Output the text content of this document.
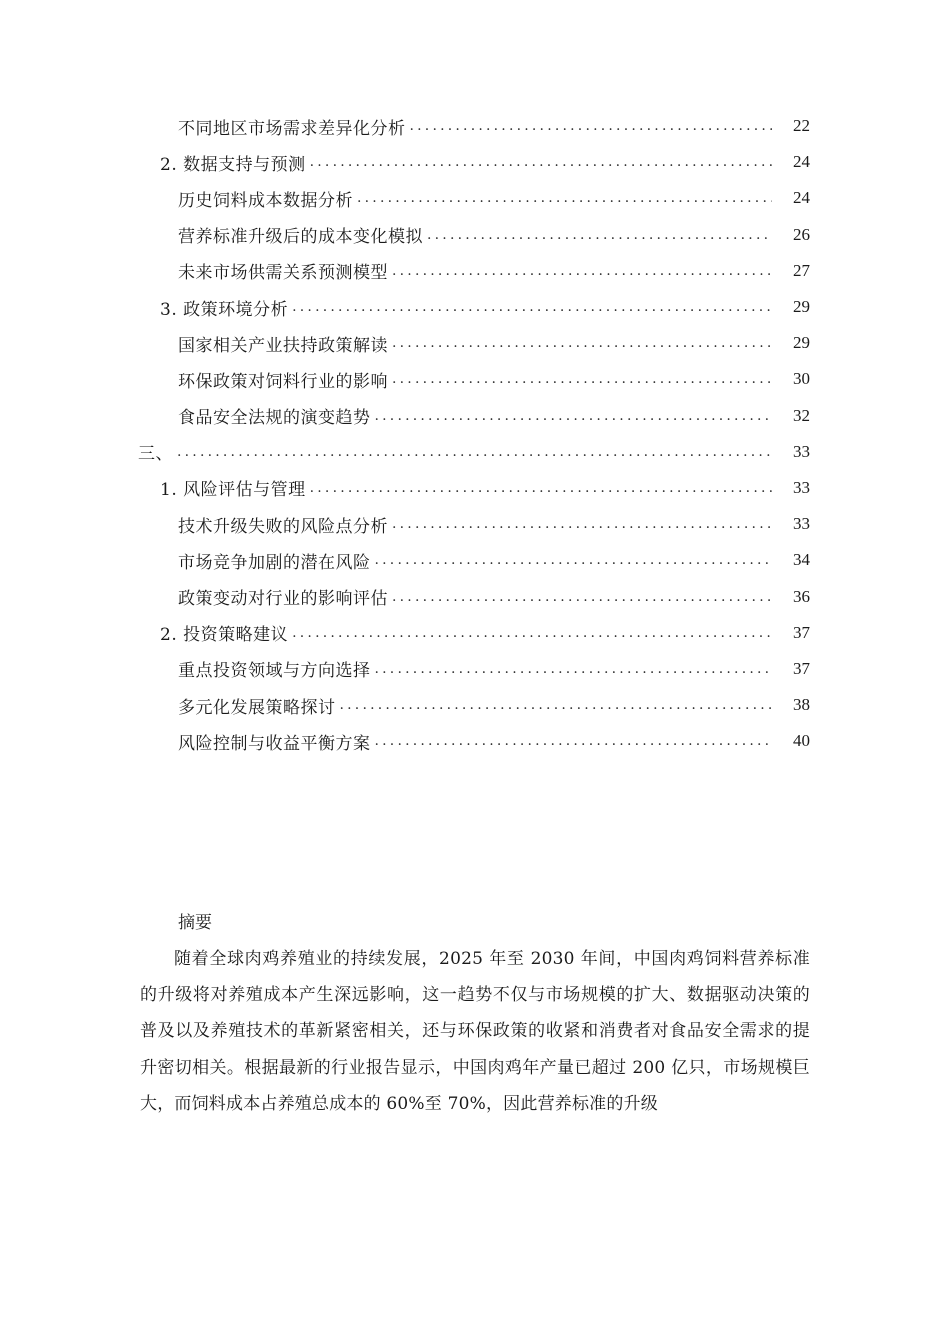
不同地区市场需求差异化分析 .....	22
2. 数据支持与预测 .....	24
历史饲料成本数据分析 .....	24
营养标准升级后的成本变化模拟 .....	26
未来市场供需关系预测模型 .....	27
3. 政策环境分析 .....	29
国家相关产业扶持政策解读 .....	29
环保政策对饲料行业的影响 .....	30
食品安全法规的演变趋势 .....	32
三、 .....	33
1. 风险评估与管理 .....	33
技术升级失败的风险点分析 .....	33
市场竞争加剧的潜在风险 .....	34
政策变动对行业的影响评估 .....	36
2. 投资策略建议 .....	37
重点投资领域与方向选择 .....	37
多元化发展策略探讨 .....	38
风险控制与收益平衡方案 .....	40
摘要

随着全球肉鸡养殖业的持续发展，2025 年至 2030 年间，中国肉鸡饲料营养标准的升级将对养殖成本产生深远影响，这一趋势不仅与市场规模的扩大、数据驱动决策的普及以及养殖技术的革新紧密相关，还与环保政策的收紧和消费者对食品安全需求的提升密切相关。根据最新的行业报告显示，中国肉鸡年产量已超过 200 亿只，市场规模巨大，而饲料成本占养殖总成本的 60%至 70%，因此营养标准的升级
